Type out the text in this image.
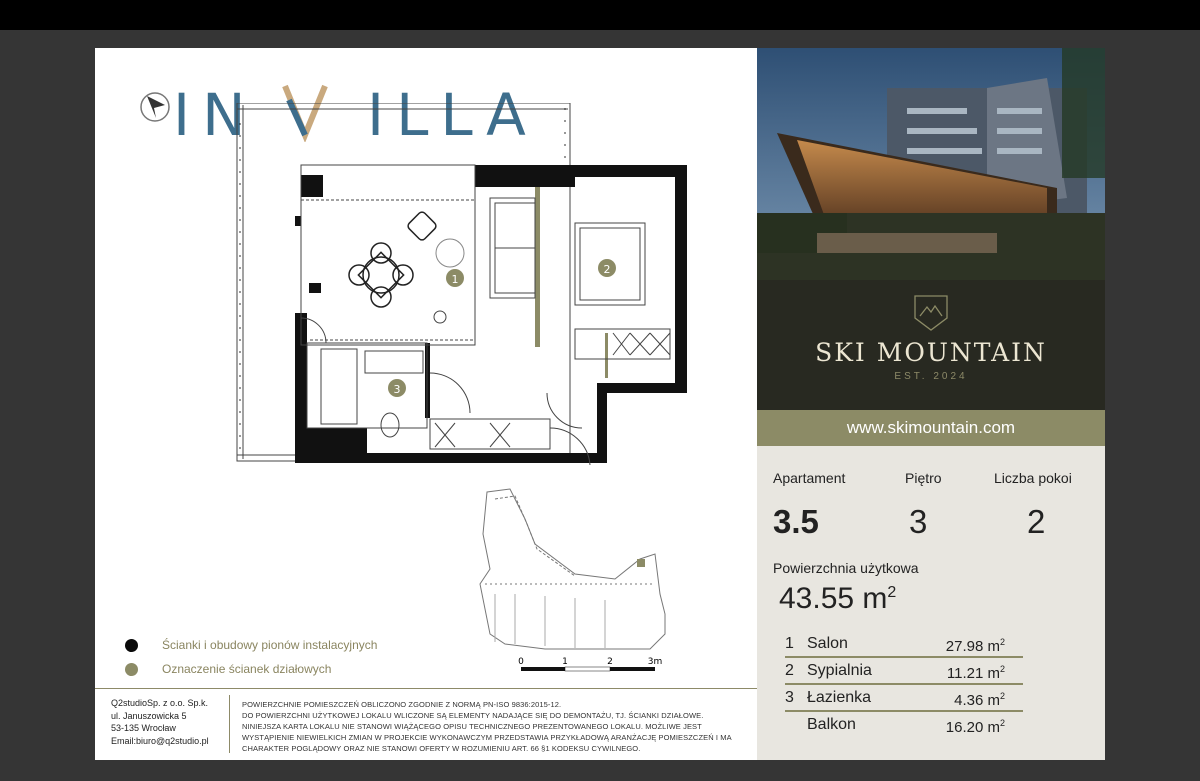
IN ILLA
1
2
3
0	1	2	3m
Ścianki i obudowy pionów instalacyjnych
Oznaczenie ścianek działowych
Q2studioSp. z o.o. Sp.k.
ul. Januszowicka 5
53-135 Wrocław
Email:biuro@q2studio.pl
POWIERZCHNIE POMIESZCZEŃ OBLICZONO ZGODNIE Z NORMĄ PN-ISO 9836:2015-12.
DO POWIERZCHNI UŻYTKOWEJ LOKALU WLICZONE SĄ ELEMENTY NADAJĄCE SIĘ DO DEMONTAŻU, TJ. ŚCIANKI DZIAŁOWE.
NINIEJSZA KARTA LOKALU NIE STANOWI WIĄŻĄCEGO OPISU TECHNICZNEGO PREZENTOWANEGO LOKALU. MOŻLIWE JEST
WYSTĄPIENIE NIEWIELKICH ZMIAN W PROJEKCIE WYKONAWCZYM PRZEDSTAWIA PRZYKŁADOWĄ ARANŻACJĘ POMIESZCZEŃ I MA
CHARAKTER POGLĄDOWY ORAZ NIE STANOWI OFERTY W ROZUMIENIU ART. 66 §1 KODEKSU CYWILNEGO.
SKI MOUNTAIN
EST. 2024
www.skimountain.com
Apartament	Piętro	Liczba pokoi
3.5	3	2
Powierzchnia użytkowa
43.55 $m^2$
1 Salon	27.98 $m^2$
2 Sypialnia	11.21 $m^2$
3 Łazienka	4.36 $m^2$
Balkon	16.20 $m^2$
